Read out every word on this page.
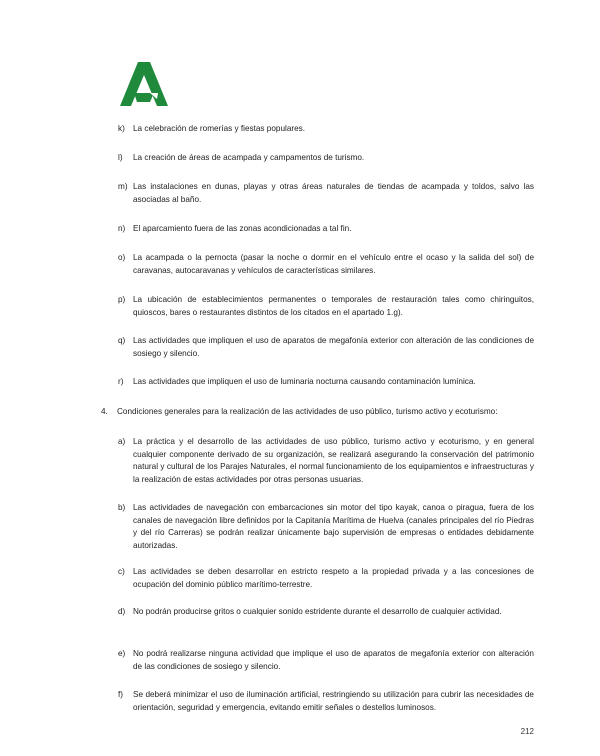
k) La celebración de romerías y fiestas populares.
l) La creación de áreas de acampada y campamentos de turismo.
m) Las instalaciones en dunas, playas y otras áreas naturales de tiendas de acampada y toldos, salvo las asociadas al baño.
n) El aparcamiento fuera de las zonas acondicionadas a tal fin.
o) La acampada o la pernocta (pasar la noche o dormir en el vehículo entre el ocaso y la salida del sol) de caravanas, autocaravanas y vehículos de características similares.
p) La ubicación de establecimientos permanentes o temporales de restauración tales como chiringuitos, quioscos, bares o restaurantes distintos de los citados en el apartado 1.g).
q) Las actividades que impliquen el uso de aparatos de megafonía exterior con alteración de las condiciones de sosiego y silencio.
r) Las actividades que impliquen el uso de luminaria nocturna causando contaminación lumínica.
4. Condiciones generales para la realización de las actividades de uso público, turismo activo y ecoturismo:
a) La práctica y el desarrollo de las actividades de uso público, turismo activo y ecoturismo, y en general cualquier componente derivado de su organización, se realizará asegurando la conservación del patrimonio natural y cultural de los Parajes Naturales, el normal funcionamiento de los equipamientos e infraestructuras y la realización de estas actividades por otras personas usuarias.
b) Las actividades de navegación con embarcaciones sin motor del tipo kayak, canoa o piragua, fuera de los canales de navegación libre definidos por la Capitanía Marítima de Huelva (canales principales del río Piedras y del río Carreras) se podrán realizar únicamente bajo supervisión de empresas o entidades debidamente autorizadas.
c) Las actividades se deben desarrollar en estricto respeto a la propiedad privada y a las concesiones de ocupación del dominio público marítimo-terrestre.
d) No podrán producirse gritos o cualquier sonido estridente durante el desarrollo de cualquier actividad.
e) No podrá realizarse ninguna actividad que implique el uso de aparatos de megafonía exterior con alteración de las condiciones de sosiego y silencio.
f) Se deberá minimizar el uso de iluminación artificial, restringiendo su utilización para cubrir las necesidades de orientación, seguridad y emergencia, evitando emitir señales o destellos luminosos.
212
